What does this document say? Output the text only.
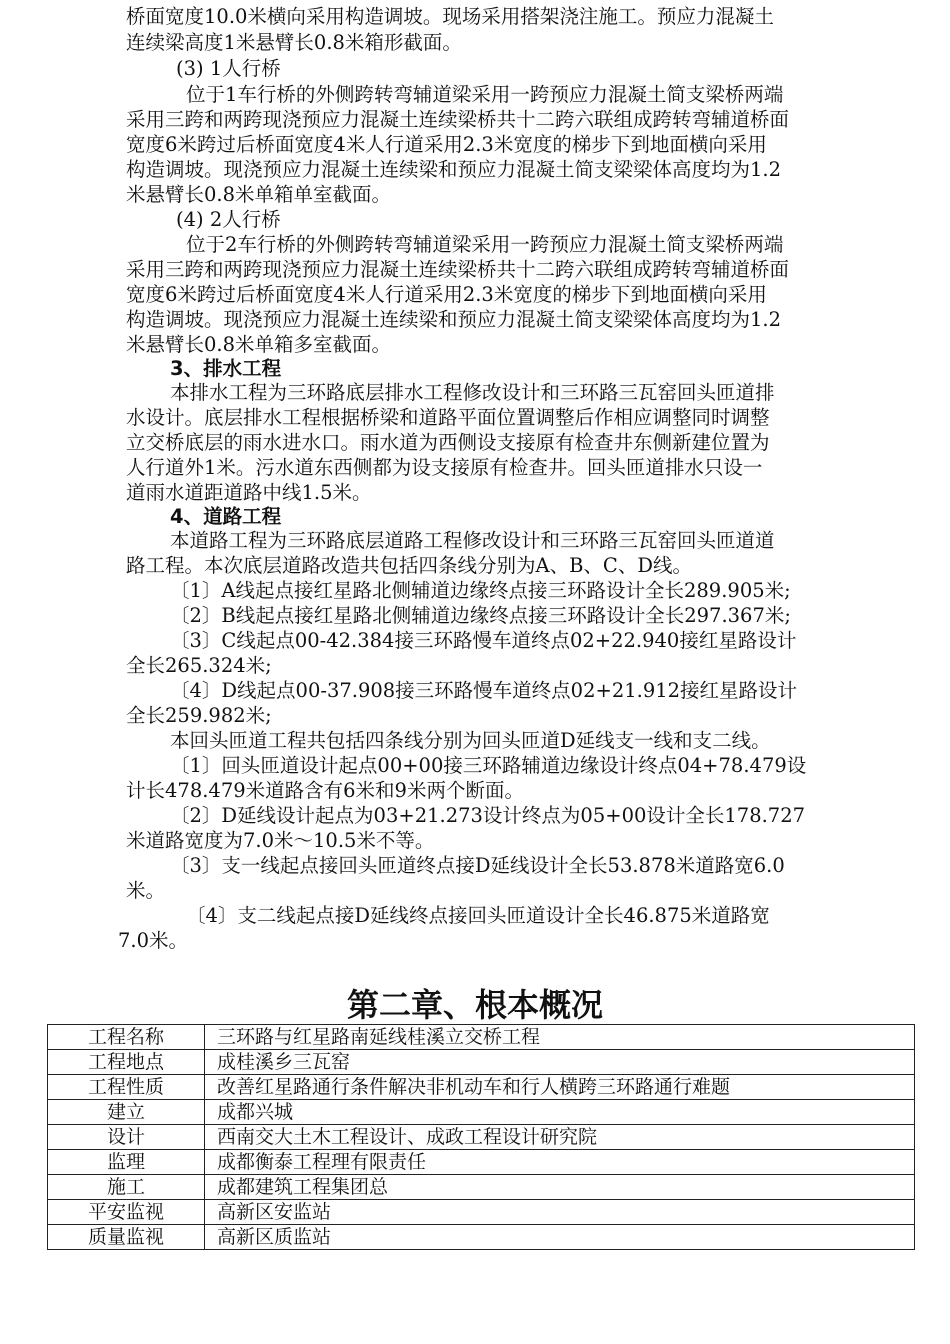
桥面宽度10.0米横向采用构造调坡。现场采用搭架浇注施工。预应力混凝土
连续梁高度1米悬臂长0.8米箱形截面。
(3) 1人行桥
位于1车行桥的外侧跨转弯辅道梁采用一跨预应力混凝土简支梁桥两端
采用三跨和两跨现浇预应力混凝土连续梁桥共十二跨六联组成跨转弯辅道桥面
宽度6米跨过后桥面宽度4米人行道采用2.3米宽度的梯步下到地面横向采用
构造调坡。现浇预应力混凝土连续梁和预应力混凝土简支梁梁体高度均为1.2
米悬臂长0.8米单箱单室截面。
(4) 2人行桥
位于2车行桥的外侧跨转弯辅道梁采用一跨预应力混凝土简支梁桥两端
采用三跨和两跨现浇预应力混凝土连续梁桥共十二跨六联组成跨转弯辅道桥面
宽度6米跨过后桥面宽度4米人行道采用2.3米宽度的梯步下到地面横向采用
构造调坡。现浇预应力混凝土连续梁和预应力混凝土简支梁梁体高度均为1.2
米悬臂长0.8米单箱多室截面。
3、排水工程
本排水工程为三环路底层排水工程修改设计和三环路三瓦窑回头匝道排
水设计。底层排水工程根据桥梁和道路平面位置调整后作相应调整同时调整
立交桥底层的雨水进水口。雨水道为西侧设支接原有检查井东侧新建位置为
人行道外1米。污水道东西侧都为设支接原有检查井。回头匝道排水只设一
道雨水道距道路中线1.5米。
4、道路工程
本道路工程为三环路底层道路工程修改设计和三环路三瓦窑回头匝道道
路工程。本次底层道路改造共包括四条线分别为A、B、C、D线。
〔1〕A线起点接红星路北侧辅道边缘终点接三环路设计全长289.905米;
〔2〕B线起点接红星路北侧辅道边缘终点接三环路设计全长297.367米;
〔3〕C线起点00-42.384接三环路慢车道终点02+22.940接红星路设计
全长265.324米;
〔4〕D线起点00-37.908接三环路慢车道终点02+21.912接红星路设计
全长259.982米;
本回头匝道工程共包括四条线分别为回头匝道D延线支一线和支二线。
〔1〕回头匝道设计起点00+00接三环路辅道边缘设计终点04+78.479设
计长478.479米道路含有6米和9米两个断面。
〔2〕D延线设计起点为03+21.273设计终点为05+00设计全长178.727
米道路宽度为7.0米～10.5米不等。
〔3〕支一线起点接回头匝道终点接D延线设计全长53.878米道路宽6.0
米。
〔4〕支二线起点接D延线终点接回头匝道设计全长46.875米道路宽
7.0米。
第二章、根本概况
工程名称	三环路与红星路南延线桂溪立交桥工程
工程地点	成桂溪乡三瓦窑
工程性质	改善红星路通行条件解决非机动车和行人横跨三环路通行难题
建立	成都兴城
设计	西南交大土木工程设计、成政工程设计研究院
监理	成都衡泰工程理有限责任
施工	成都建筑工程集团总
平安监视	高新区安监站
质量监视	高新区质监站
